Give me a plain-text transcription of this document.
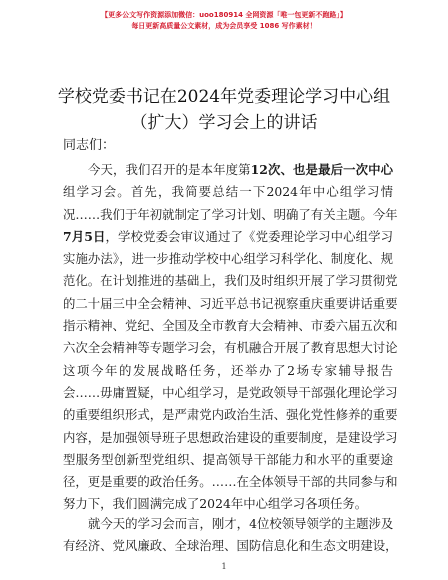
【更多公文写作资源添加微信：uoo180914 全网资源「唯一包更新不跑路」】
每日更新高质量公文素材，成为会员享受 1086 写作素材！
学校党委书记在2024年党委理论学习中心组
（扩大）学习会上的讲话
同志们：
今天，我们召开的是本年度第12次、也是最后一次中心
组学习会。首先，我简要总结一下2024年中心组学习情
况……我们于年初就制定了学习计划、明确了有关主题。今年
7月5日，学校党委会审议通过了《党委理论学习中心组学习
实施办法》，进一步推动学校中心组学习科学化、制度化、规
范化。在计划推进的基础上，我们及时组织开展了学习贯彻党
的二十届三中全会精神、习近平总书记视察重庆重要讲话重要
指示精神、党纪、全国及全市教育大会精神、市委六届五次和
六次全会精神等专题学习会，有机融合开展了教育思想大讨论
这项今年的发展战略任务，还举办了2场专家辅导报告
会……毋庸置疑，中心组学习，是党政领导干部强化理论学习
的重要组织形式，是严肃党内政治生活、强化党性修养的重要
内容，是加强领导班子思想政治建设的重要制度，是建设学习
型服务型创新型党组织、提高领导干部能力和水平的重要途
径，更是重要的政治任务。……在全体领导干部的共同参与和
努力下，我们圆满完成了2024年中心组学习各项任务。
就今天的学习会而言，刚才，4位校领导领学的主题涉及
有经济、党风廉政、全球治理、国防信息化和生态文明建设，
1
